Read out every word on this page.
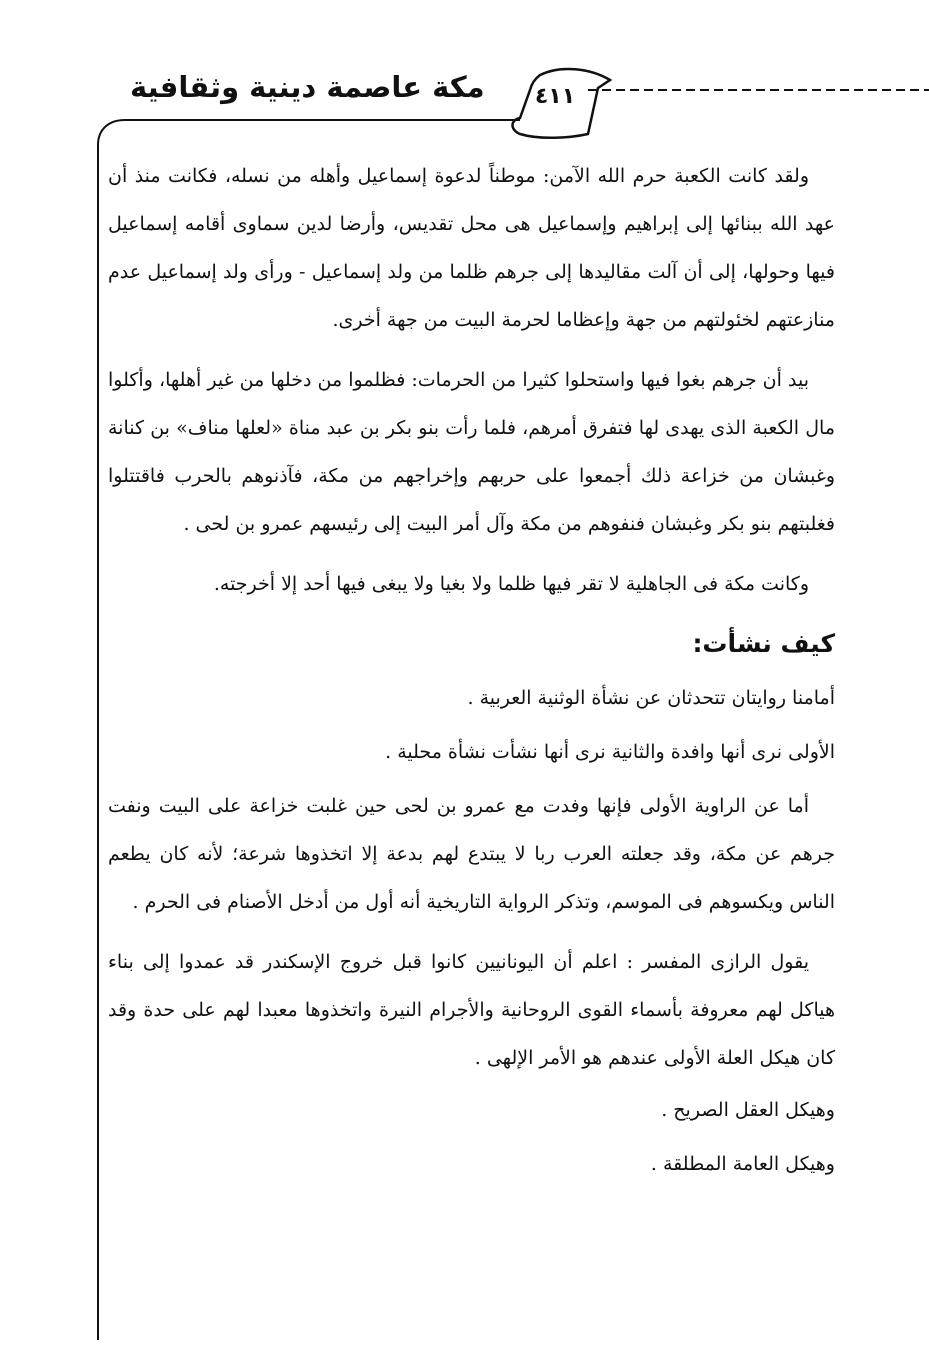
مكة عاصمة دينية وثقافية	٤١١

ولقد كانت الكعبة حرم الله الآمن: موطناً لدعوة إسماعيل وأهله من نسله، فكانت منذ أن عهد الله ببنائها إلى إبراهيم وإسماعيل هى محل تقديس، وأرضا لدين سماوى أقامه إسماعيل فيها وحولها، إلى أن آلت مقاليدها إلى جرهم ظلما من ولد إسماعيل - ورأى ولد إسماعيل عدم منازعتهم لخئولتهم من جهة وإعظاما لحرمة البيت من جهة أخرى.

بيد أن جرهم بغوا فيها واستحلوا كثيرا من الحرمات: فظلموا من دخلها من غير أهلها، وأكلوا مال الكعبة الذى يهدى لها فتفرق أمرهم، فلما رأت بنو بكر بن عبد مناة «لعلها مناف» بن كنانة وغبشان من خزاعة ذلك أجمعوا على حربهم وإخراجهم من مكة، فآذنوهم بالحرب فاقتتلوا فغلبتهم بنو بكر وغبشان فنفوهم من مكة وآل أمر البيت إلى رئيسهم عمرو بن لحى .

وكانت مكة فى الجاهلية لا تقر فيها ظلما ولا بغيا ولا يبغى فيها أحد إلا أخرجته.

كيف نشأت:
أمامنا روايتان تتحدثان عن نشأة الوثنية العربية .
الأولى نرى أنها وافدة والثانية نرى أنها نشأت نشأة محلية .

أما عن الراوية الأولى فإنها وفدت مع عمرو بن لحى حين غلبت خزاعة على البيت ونفت جرهم عن مكة، وقد جعلته العرب ربا لا يبتدع لهم بدعة إلا اتخذوها شرعة؛ لأنه كان يطعم الناس ويكسوهم فى الموسم، وتذكر الرواية التاريخية أنه أول من أدخل الأصنام فى الحرم .

يقول الرازى المفسر : اعلم أن اليونانيين كانوا قبل خروج الإسكندر قد عمدوا إلى بناء هياكل لهم معروفة بأسماء القوى الروحانية والأجرام النيرة واتخذوها معبدا لهم على حدة وقد كان هيكل العلة الأولى عندهم هو الأمر الإلهى .

وهيكل العقل الصريح .
وهيكل العامة المطلقة .
